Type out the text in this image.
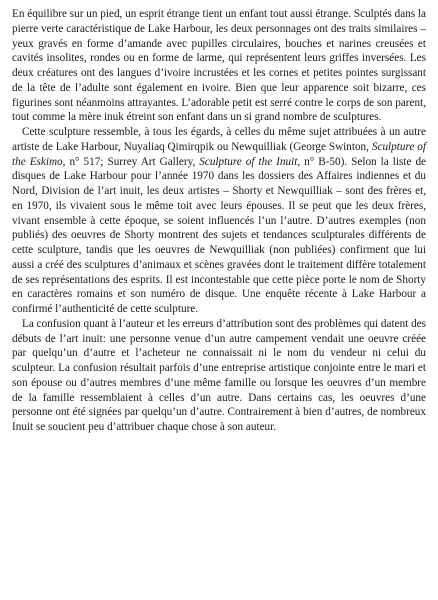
En équilibre sur un pied, un esprit étrange tient un enfant tout aussi étrange. Sculptés dans la pierre verte caractéristique de Lake Harbour, les deux personnages ont des traits similaires – yeux gravés en forme d’amande avec pupilles circulaires, bouches et narines creusées et cavités insolites, rondes ou en forme de larme, qui représentent leurs griffes inversées. Les deux créatures ont des langues d’ivoire incrustées et les cornes et petites pointes surgissant de la tête de l’adulte sont également en ivoire. Bien que leur apparence soit bizarre, ces figurines sont néanmoins attrayantes. L’adorable petit est serré contre le corps de son parent, tout comme la mère inuk étreint son enfant dans un si grand nombre de sculptures.

Cette sculpture ressemble, à tous les égards, à celles du même sujet attribuées à un autre artiste de Lake Harbour, Nuyaliaq Qimirqpik ou Newquilliak (George Swinton, Sculpture of the Eskimo, n° 517; Surrey Art Gallery, Sculpture of the Inuit, n° B-50). Selon la liste de disques de Lake Harbour pour l’année 1970 dans les dossiers des Affaires indiennes et du Nord, Division de l’art inuit, les deux artistes – Shorty et Newquilliak – sont des frères et, en 1970, ils vivaient sous le même toit avec leurs épouses. Il se peut que les deux frères, vivant ensemble à cette époque, se soient influencés l’un l’autre. D’autres exemples (non publiés) des oeuvres de Shorty montrent des sujets et tendances sculpturales différents de cette sculpture, tandis que les oeuvres de Newquilliak (non publiées) confirment que lui aussi a créé des sculptures d’animaux et scènes gravées dont le traitement diffère totalement de ses représentations des esprits. Il est incontestable que cette pièce porte le nom de Shorty en caractères romains et son numéro de disque. Une enquête récente à Lake Harbour a confirmé l’authenticité de cette sculpture.

La confusion quant à l’auteur et les erreurs d’attribution sont des problèmes qui datent des débuts de l’art inuit: une personne venue d’un autre campement vendait une oeuvre créée par quelqu’un d’autre et l’acheteur ne connaissait ni le nom du vendeur ni celui du sculpteur. La confusion résultait parfois d’une entreprise artistique conjointe entre le mari et son épouse ou d’autres membres d’une même famille ou lorsque les oeuvres d’un membre de la famille ressemblaient à celles d’un autre. Dans certains cas, les oeuvres d’une personne ont été signées par quelqu’un d’autre. Contrairement à bien d’autres, de nombreux Inuit se soucient peu d’attribuer chaque chose à son auteur.
